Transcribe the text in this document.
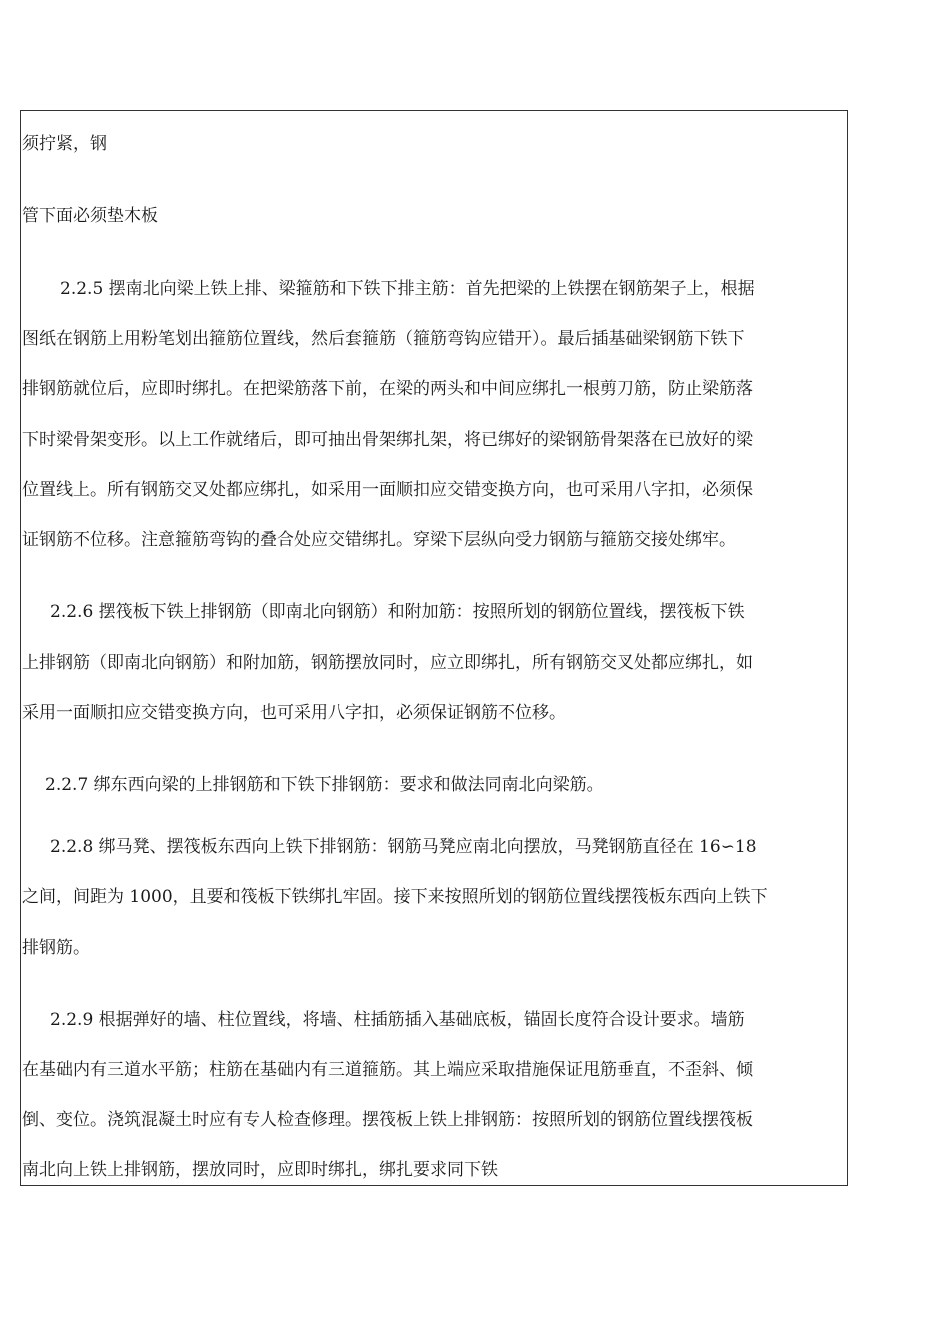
须拧紧，钢
管下面必须垫木板
2.2.5 摆南北向梁上铁上排、梁箍筋和下铁下排主筋：首先把梁的上铁摆在钢筋架子上，根据
图纸在钢筋上用粉笔划出箍筋位置线，然后套箍筋（箍筋弯钩应错开）。最后插基础梁钢筋下铁下
排钢筋就位后，应即时绑扎。在把梁筋落下前，在梁的两头和中间应绑扎一根剪刀筋，防止梁筋落
下时梁骨架变形。以上工作就绪后，即可抽出骨架绑扎架，将已绑好的梁钢筋骨架落在已放好的梁
位置线上。所有钢筋交叉处都应绑扎，如采用一面顺扣应交错变换方向，也可采用八字扣，必须保
证钢筋不位移。注意箍筋弯钩的叠合处应交错绑扎。穿梁下层纵向受力钢筋与箍筋交接处绑牢。
2.2.6 摆筏板下铁上排钢筋（即南北向钢筋）和附加筋：按照所划的钢筋位置线，摆筏板下铁
上排钢筋（即南北向钢筋）和附加筋，钢筋摆放同时，应立即绑扎，所有钢筋交叉处都应绑扎，如
采用一面顺扣应交错变换方向，也可采用八字扣，必须保证钢筋不位移。
2.2.7 绑东西向梁的上排钢筋和下铁下排钢筋：要求和做法同南北向梁筋。
2.2.8 绑马凳、摆筏板东西向上铁下排钢筋：钢筋马凳应南北向摆放，马凳钢筋直径在 16∽18
之间，间距为 1000，且要和筏板下铁绑扎牢固。接下来按照所划的钢筋位置线摆筏板东西向上铁下
排钢筋。
2.2.9 根据弹好的墙、柱位置线，将墙、柱插筋插入基础底板，锚固长度符合设计要求。墙筋
在基础内有三道水平筋；柱筋在基础内有三道箍筋。其上端应采取措施保证甩筋垂直，不歪斜、倾
倒、变位。浇筑混凝土时应有专人检查修理。摆筏板上铁上排钢筋：按照所划的钢筋位置线摆筏板
南北向上铁上排钢筋，摆放同时，应即时绑扎，绑扎要求同下铁
